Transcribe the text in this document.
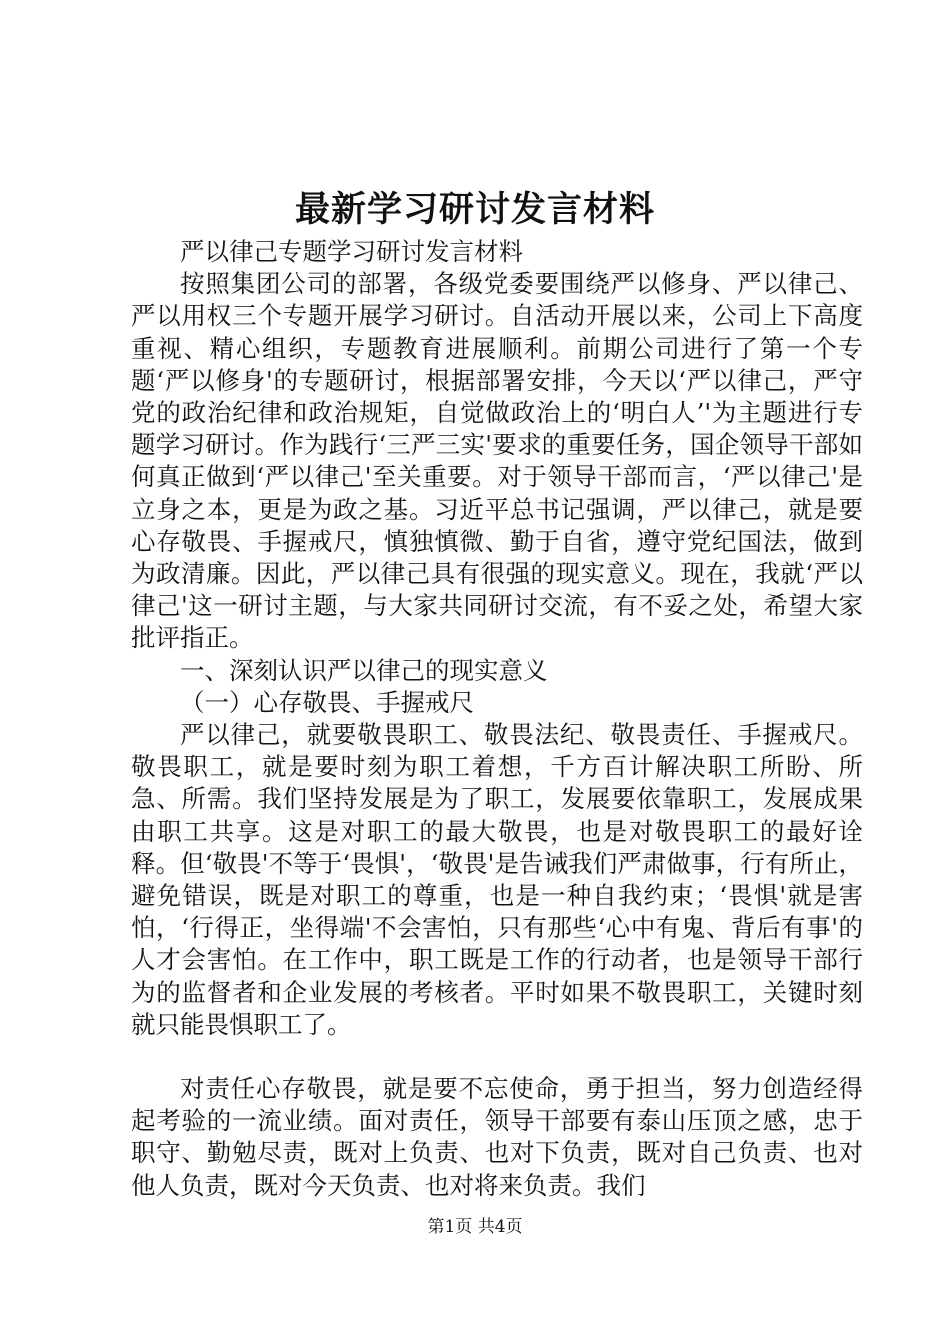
最新学习研讨发言材料

严以律己专题学习研讨发言材料

按照集团公司的部署，各级党委要围绕严以修身、严以律己、严以用权三个专题开展学习研讨。自活动开展以来，公司上下高度重视、精心组织，专题教育进展顺利。前期公司进行了第一个专题‘严以修身'的专题研讨，根据部署安排，今天以‘严以律己，严守党的政治纪律和政治规矩，自觉做政治上的‘明白人’'为主题进行专题学习研讨。作为践行‘三严三实'要求的重要任务，国企领导干部如何真正做到‘严以律己'至关重要。对于领导干部而言，‘严以律己'是立身之本，更是为政之基。习近平总书记强调，严以律己，就是要心存敬畏、手握戒尺，慎独慎微、勤于自省，遵守党纪国法，做到为政清廉。因此，严以律己具有很强的现实意义。现在，我就‘严以律己'这一研讨主题，与大家共同研讨交流，有不妥之处，希望大家批评指正。

一、深刻认识严以律己的现实意义

（一）心存敬畏、手握戒尺

严以律己，就要敬畏职工、敬畏法纪、敬畏责任、手握戒尺。敬畏职工，就是要时刻为职工着想，千方百计解决职工所盼、所急、所需。我们坚持发展是为了职工，发展要依靠职工，发展成果由职工共享。这是对职工的最大敬畏，也是对敬畏职工的最好诠释。但‘敬畏'不等于‘畏惧'，‘敬畏'是告诫我们严肃做事，行有所止，避免错误，既是对职工的尊重，也是一种自我约束；‘畏惧'就是害怕，‘行得正，坐得端'不会害怕，只有那些‘心中有鬼、背后有事'的人才会害怕。在工作中，职工既是工作的行动者，也是领导干部行为的监督者和企业发展的考核者。平时如果不敬畏职工，关键时刻就只能畏惧职工了。

对责任心存敬畏，就是要不忘使命，勇于担当，努力创造经得起考验的一流业绩。面对责任，领导干部要有泰山压顶之感，忠于职守、勤勉尽责，既对上负责、也对下负责，既对自己负责、也对他人负责，既对今天负责、也对将来负责。我们

第1页 共4页
